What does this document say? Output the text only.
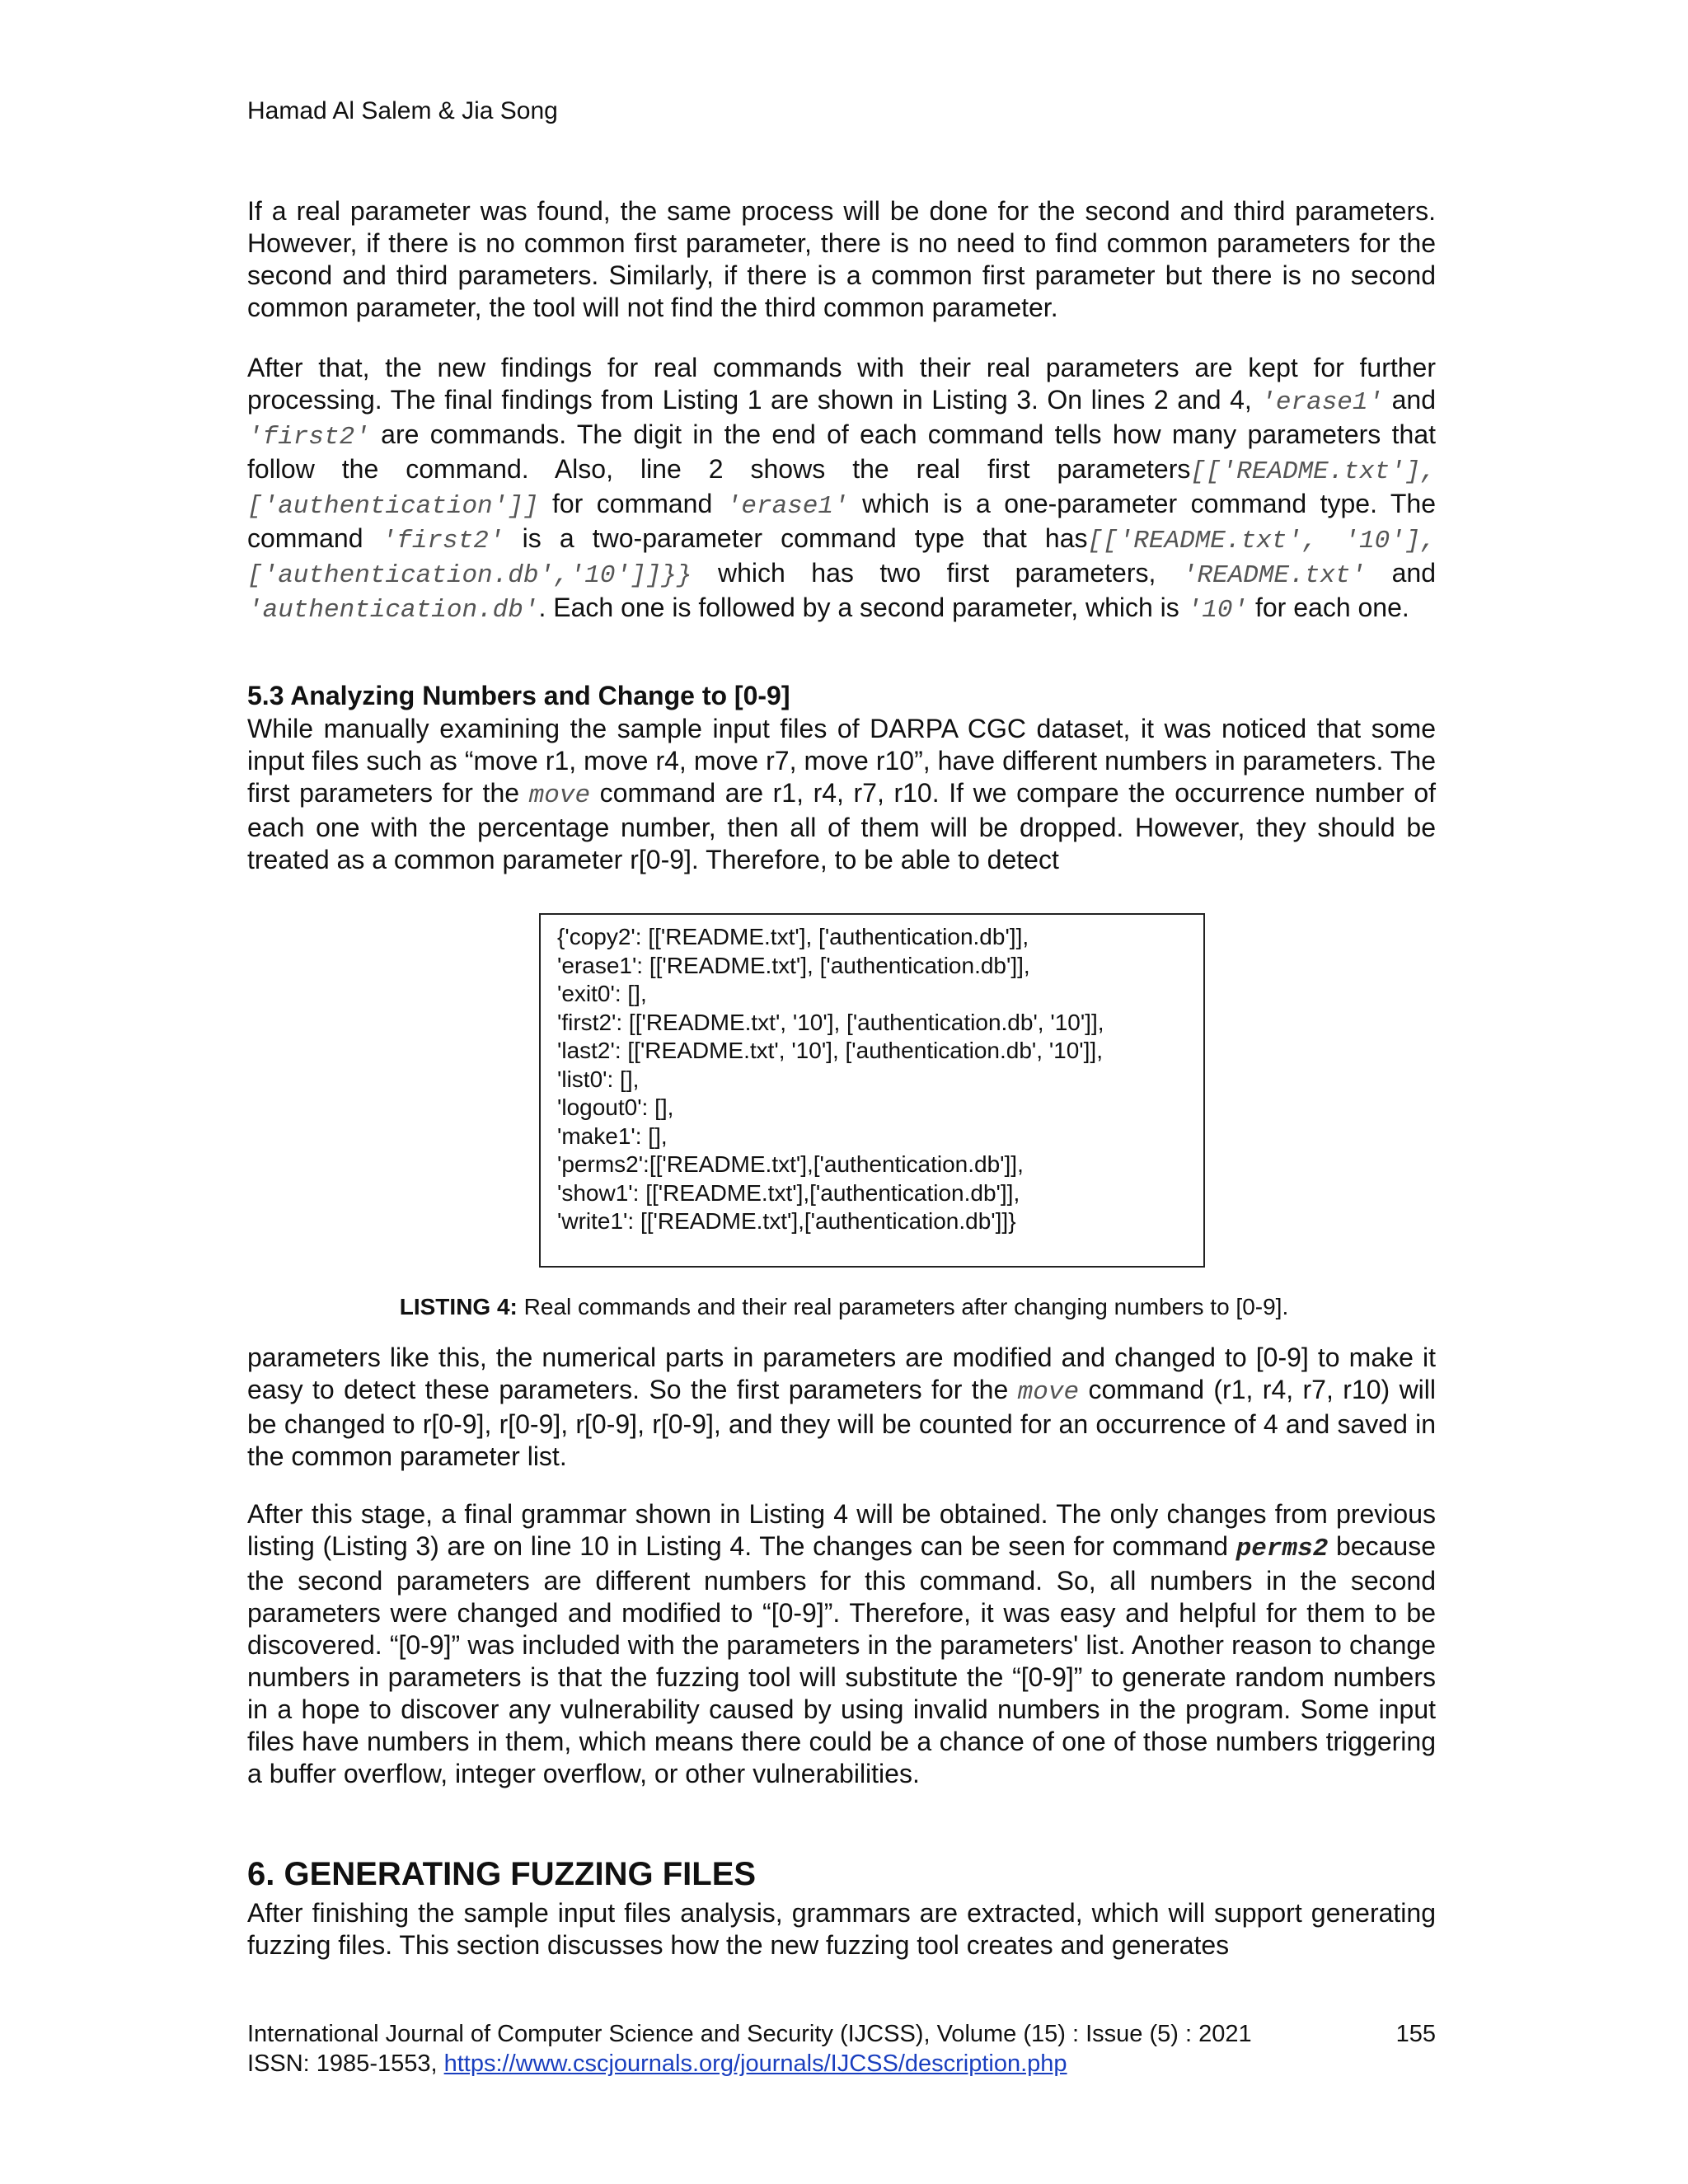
Hamad Al Salem & Jia Song

If a real parameter was found, the same process will be done for the second and third parameters. However, if there is no common first parameter, there is no need to find common parameters for the second and third parameters. Similarly, if there is a common first parameter but there is no second common parameter, the tool will not find the third common parameter.

After that, the new findings for real commands with their real parameters are kept for further processing. The final findings from Listing 1 are shown in Listing 3. On lines 2 and 4, 'erase1' and 'first2' are commands. The digit in the end of each command tells how many parameters that follow the command. Also, line 2 shows the real first parameters[['README.txt'],['authentication']] for command 'erase1' which is a one-parameter command type. The command 'first2' is a two-parameter command type that has[['README.txt', '10'], ['authentication.db','10']]}} which has two first parameters, 'README.txt' and 'authentication.db'. Each one is followed by a second parameter, which is '10' for each one.

5.3 Analyzing Numbers and Change to [0-9]

While manually examining the sample input files of DARPA CGC dataset, it was noticed that some input files such as “move r1, move r4, move r7, move r10”, have different numbers in parameters. The first parameters for the move command are r1, r4, r7, r10. If we compare the occurrence number of each one with the percentage number, then all of them will be dropped. However, they should be treated as a common parameter r[0-9]. Therefore, to be able to detect

{'copy2': [['README.txt'], ['authentication.db']],
'erase1': [['README.txt'], ['authentication.db']],
'exit0': [],
'first2': [['README.txt', '10'], ['authentication.db', '10']],
'last2': [['README.txt', '10'], ['authentication.db', '10']],
'list0': [],
'logout0': [],
'make1': [],
'perms2':[['README.txt'],['authentication.db']],
'show1': [['README.txt'],['authentication.db']],
'write1': [['README.txt'],['authentication.db']]}
LISTING 4: Real commands and their real parameters after changing numbers to [0-9].

parameters like this, the numerical parts in parameters are modified and changed to [0-9] to make it easy to detect these parameters. So the first parameters for the move command (r1, r4, r7, r10) will be changed to r[0-9], r[0-9], r[0-9], r[0-9], and they will be counted for an occurrence of 4 and saved in the common parameter list.

After this stage, a final grammar shown in Listing 4 will be obtained. The only changes from previous listing (Listing 3) are on line 10 in Listing 4. The changes can be seen for command perms2 because the second parameters are different numbers for this command. So, all numbers in the second parameters were changed and modified to “[0-9]”. Therefore, it was easy and helpful for them to be discovered. “[0-9]” was included with the parameters in the parameters' list. Another reason to change numbers in parameters is that the fuzzing tool will substitute the “[0-9]” to generate random numbers in a hope to discover any vulnerability caused by using invalid numbers in the program. Some input files have numbers in them, which means there could be a chance of one of those numbers triggering a buffer overflow, integer overflow, or other vulnerabilities.

6. GENERATING FUZZING FILES

After finishing the sample input files analysis, grammars are extracted, which will support generating fuzzing files. This section discusses how the new fuzzing tool creates and generates

International Journal of Computer Science and Security (IJCSS), Volume (15) : Issue (5) : 2021	155
ISSN: 1985-1553, https://www.cscjournals.org/journals/IJCSS/description.php
